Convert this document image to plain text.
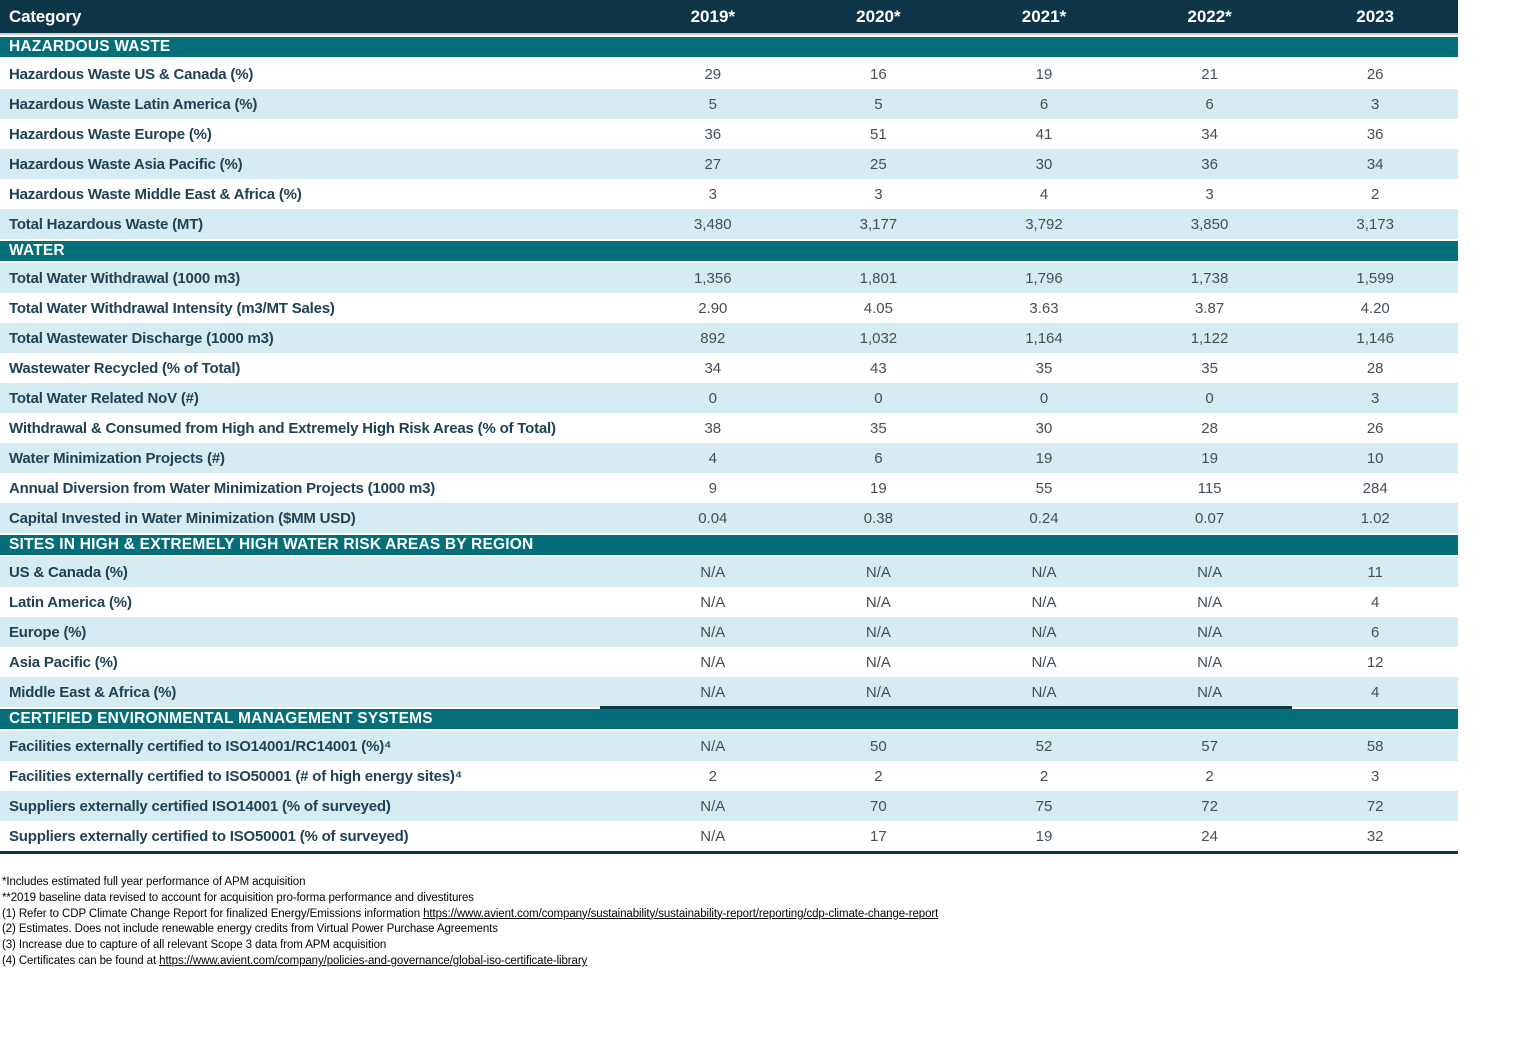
Category	2019*	2020*	2021*	2022*	2023
HAZARDOUS WASTE
Hazardous Waste US & Canada (%)	29	16	19	21	26
Hazardous Waste Latin America (%)	5	5	6	6	3
Hazardous Waste Europe (%)	36	51	41	34	36
Hazardous Waste Asia Pacific (%)	27	25	30	36	34
Hazardous Waste Middle East & Africa (%)	3	3	4	3	2
Total Hazardous Waste (MT)	3,480	3,177	3,792	3,850	3,173
WATER
Total Water Withdrawal (1000 m3)	1,356	1,801	1,796	1,738	1,599
Total Water Withdrawal Intensity (m3/MT Sales)	2.90	4.05	3.63	3.87	4.20
Total Wastewater Discharge (1000 m3)	892	1,032	1,164	1,122	1,146
Wastewater Recycled (% of Total)	34	43	35	35	28
Total Water Related NoV (#)	0	0	0	0	3
Withdrawal & Consumed from High and Extremely High Risk Areas (% of Total)	38	35	30	28	26
Water Minimization Projects (#)	4	6	19	19	10
Annual Diversion from Water Minimization Projects (1000 m3)	9	19	55	115	284
Capital Invested in Water Minimization ($MM USD)	0.04	0.38	0.24	0.07	1.02
SITES IN HIGH & EXTREMELY HIGH WATER RISK AREAS BY REGION
US & Canada (%)	N/A	N/A	N/A	N/A	11
Latin America (%)	N/A	N/A	N/A	N/A	4
Europe (%)	N/A	N/A	N/A	N/A	6
Asia Pacific (%)	N/A	N/A	N/A	N/A	12
Middle East & Africa (%)	N/A	N/A	N/A	N/A	4
CERTIFIED ENVIRONMENTAL MANAGEMENT SYSTEMS
Facilities externally certified to ISO14001/RC14001 (%)⁴	N/A	50	52	57	58
Facilities externally certified to ISO50001 (# of high energy sites)⁴	2	2	2	2	3
Suppliers externally certified ISO14001 (% of surveyed)	N/A	70	75	72	72
Suppliers externally certified to ISO50001 (% of surveyed)	N/A	17	19	24	32
*Includes estimated full year performance of APM acquisition
**2019 baseline data revised to account for acquisition pro-forma performance and divestitures
(1) Refer to CDP Climate Change Report for finalized Energy/Emissions information https://www.avient.com/company/sustainability/sustainability-report/reporting/cdp-climate-change-report
(2) Estimates. Does not include renewable energy credits from Virtual Power Purchase Agreements
(3) Increase due to capture of all relevant Scope 3 data from APM acquisition
(4) Certificates can be found at https://www.avient.com/company/policies-and-governance/global-iso-certificate-library
